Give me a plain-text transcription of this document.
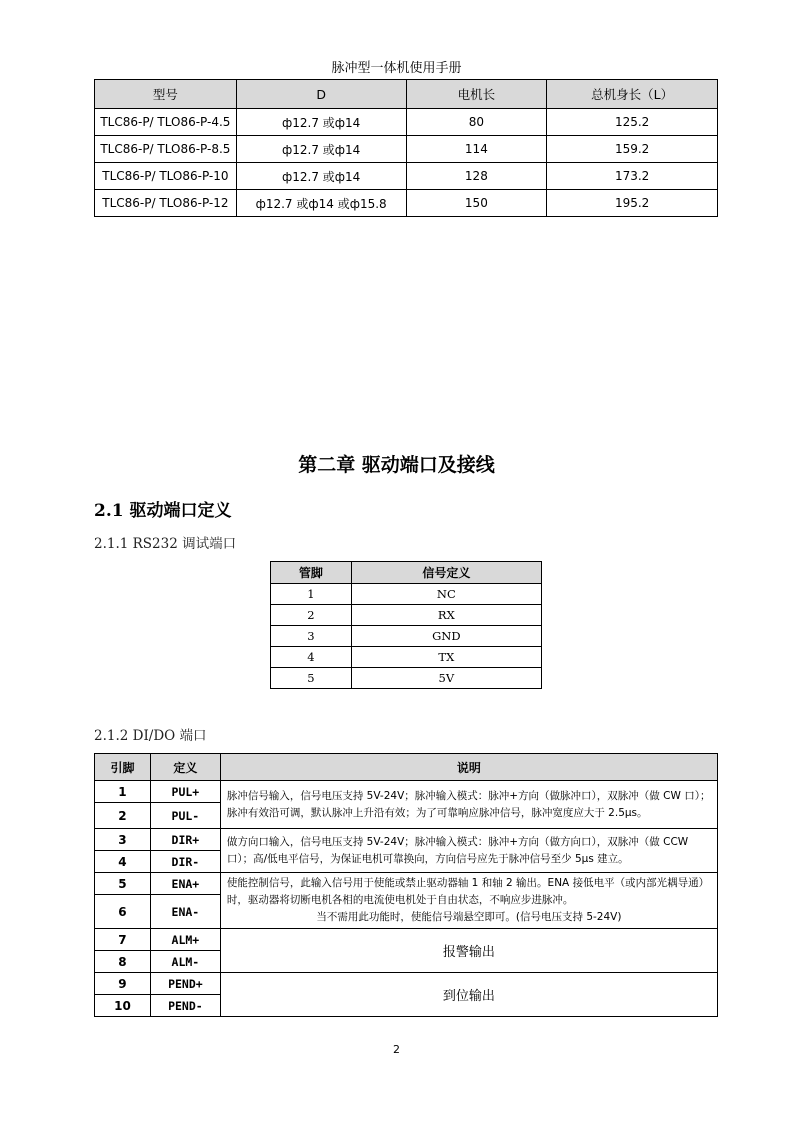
脉冲型一体机使用手册
型号	D	电机长	总机身长（L）
TLC86-P/ TLO86-P-4.5	ф12.7 或ф14	80	125.2
TLC86-P/ TLO86-P-8.5	ф12.7 或ф14	114	159.2
TLC86-P/ TLO86-P-10	ф12.7 或ф14	128	173.2
TLC86-P/ TLO86-P-12	ф12.7 或ф14 或ф15.8	150	195.2
第二章 驱动端口及接线
2.1 驱动端口定义
2.1.1 RS232 调试端口
管脚	信号定义
1	NC
2	RX
3	GND
4	TX
5	5V
2.1.2 DI/DO 端口
引脚	定义	说明
1	PUL+	脉冲信号输入，信号电压支持 5V-24V；脉冲输入模式：脉冲+方向（做脉冲口），双脉冲（做 CW 口）；脉冲有效沿可调，默认脉冲上升沿有效；为了可靠响应脉冲信号，脉冲宽度应大于 2.5μs。
2	PUL-	
3	DIR+	做方向口输入，信号电压支持 5V-24V；脉冲输入模式：脉冲+方向（做方向口），双脉冲（做 CCW 口）；高/低电平信号，为保证电机可靠换向，方向信号应先于脉冲信号至少 5μs 建立。
4	DIR-	
5	ENA+	使能控制信号，此输入信号用于使能或禁止驱动器轴 1 和轴 2 输出。ENA 接低电平（或内部光耦导通）时，驱动器将切断电机各相的电流使电机处于自由状态，不响应步进脉冲。
当不需用此功能时，使能信号端悬空即可。(信号电压支持 5-24V)

6	ENA-	
7	ALM+	报警输出
8	ALM-	
9	PEND+	到位输出
10	PEND-	
2
